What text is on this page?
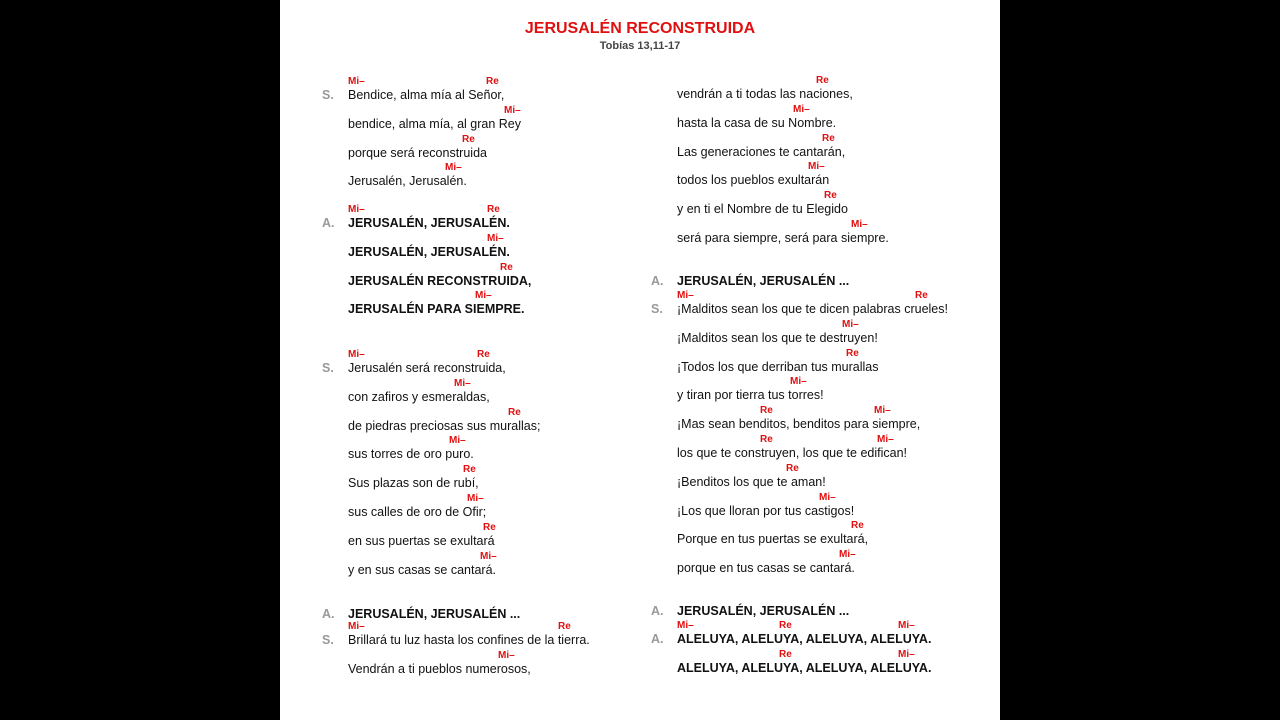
JERUSALÉN RECONSTRUIDA
Tobías 13,11-17
S. Bendice, alma mía al Señor,
Mi–	Re
bendice, alma mía, al gran Rey
Mi–
porque será reconstruida
Re
Jerusalén, Jerusalén.
Mi–
A. JERUSALÉN, JERUSALÉN.
Mi–	Re
JERUSALÉN, JERUSALÉN.
Mi–
JERUSALÉN RECONSTRUIDA,
Re
JERUSALÉN PARA SIEMPRE.
Mi–
S. Jerusalén será reconstruida,
Mi–	Re
con zafiros y esmeraldas,
Mi–
de piedras preciosas sus murallas;
Re
sus torres de oro puro.
Mi–
Sus plazas son de rubí,
Re
sus calles de oro de Ofir;
Mi–
en sus puertas se exultará
Re
y en sus casas se cantará.
Mi–
A. JERUSALÉN, JERUSALÉN ...
S. Brillará tu luz hasta los confines de la tierra.
Mi–	Re
Vendrán a ti pueblos numerosos,
Mi–
vendrán a ti todas las naciones,
Re
hasta la casa de su Nombre.
Mi–
Las generaciones te cantarán,
Re
todos los pueblos exultarán
Mi–
y en ti el Nombre de tu Elegido
Re
será para siempre, será para siempre.
Mi–
A. JERUSALÉN, JERUSALÉN ...
S. ¡Malditos sean los que te dicen palabras crueles!
Mi–	Re
¡Malditos sean los que te destruyen!
Mi–
¡Todos los que derriban tus murallas
Re
y tiran por tierra tus torres!
Mi–
¡Mas sean benditos, benditos para siempre,
Re	Mi–
los que te construyen, los que te edifican!
Re	Mi–
¡Benditos los que te aman!
Re
¡Los que lloran por tus castigos!
Mi–
Porque en tus puertas se exultará,
Re
porque en tus casas se cantará.
Mi–
A. JERUSALÉN, JERUSALÉN ...
A. ALELUYA, ALELUYA, ALELUYA, ALELUYA.
Mi–	Re	Mi–
ALELUYA, ALELUYA, ALELUYA, ALELUYA.
Re	Mi–
